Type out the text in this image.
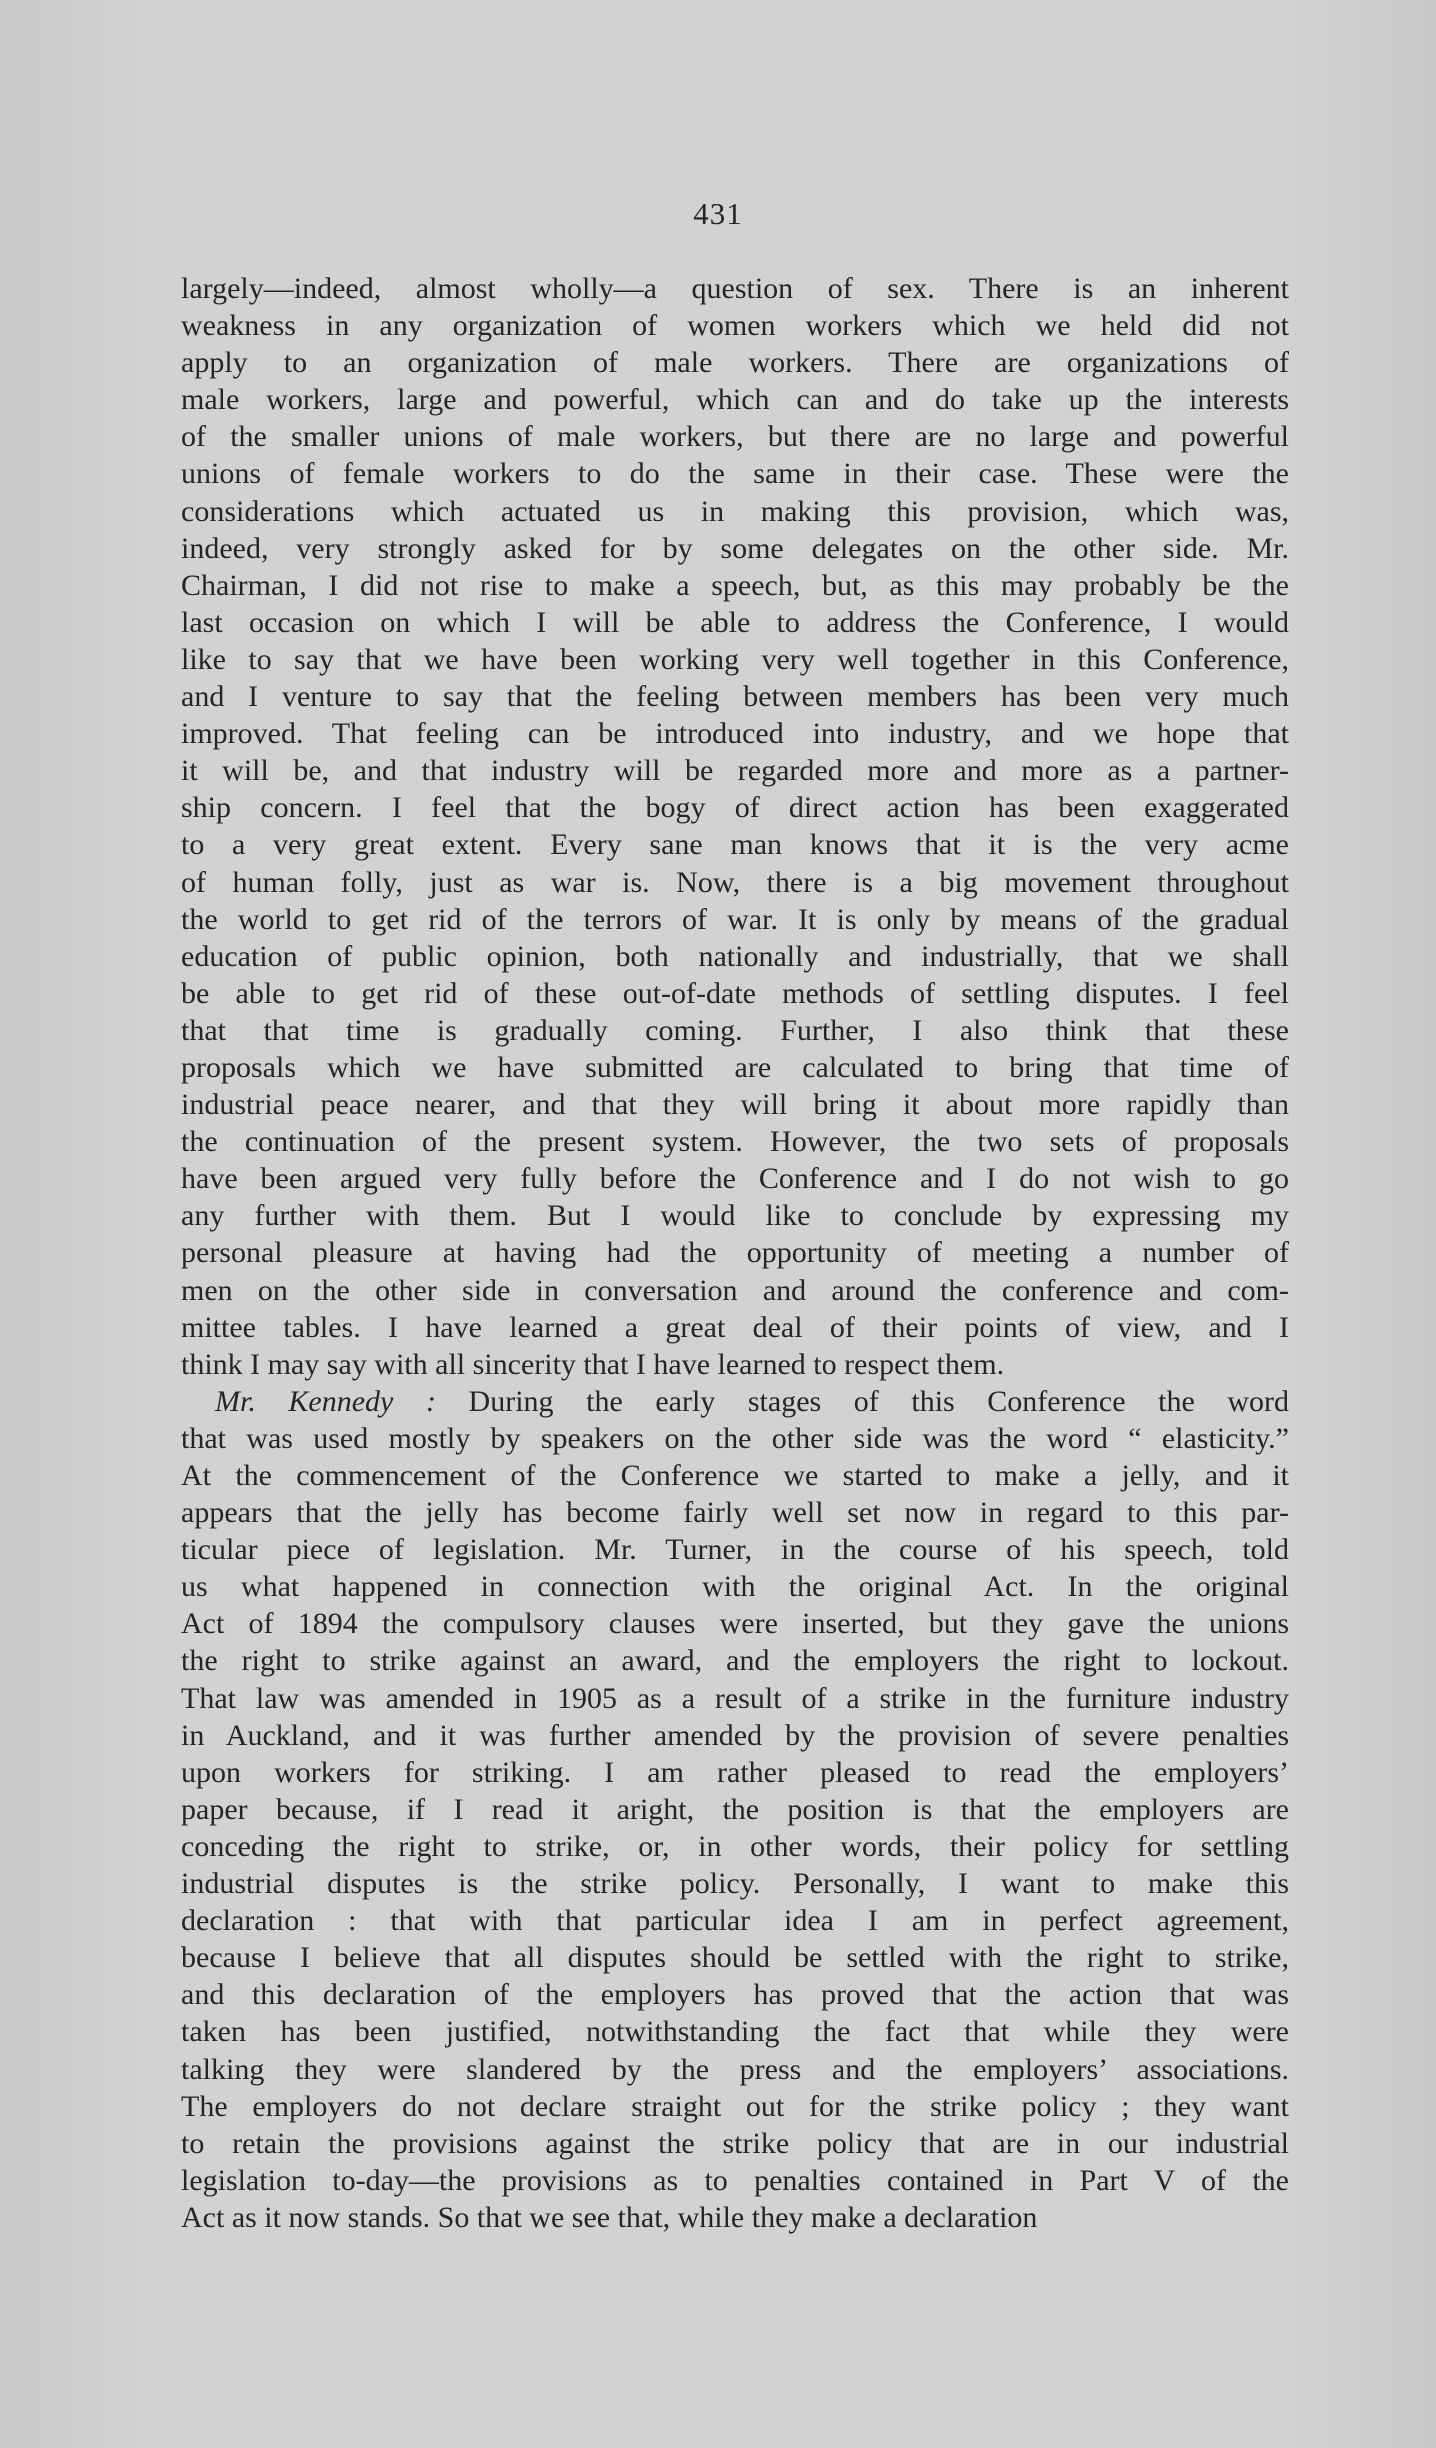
431
largely—indeed, almost wholly—a question of sex. There is an inherent
weakness in any organization of women workers which we held did not
apply to an organization of male workers. There are organizations of
male workers, large and powerful, which can and do take up the interests
of the smaller unions of male workers, but there are no large and powerful
unions of female workers to do the same in their case. These were the
considerations which actuated us in making this provision, which was,
indeed, very strongly asked for by some delegates on the other side. Mr.
Chairman, I did not rise to make a speech, but, as this may probably be the
last occasion on which I will be able to address the Conference, I would
like to say that we have been working very well together in this Conference,
and I venture to say that the feeling between members has been very much
improved. That feeling can be introduced into industry, and we hope that
it will be, and that industry will be regarded more and more as a partner-
ship concern. I feel that the bogy of direct action has been exaggerated
to a very great extent. Every sane man knows that it is the very acme
of human folly, just as war is. Now, there is a big movement throughout
the world to get rid of the terrors of war. It is only by means of the gradual
education of public opinion, both nationally and industrially, that we shall
be able to get rid of these out-of-date methods of settling disputes. I feel
that that time is gradually coming. Further, I also think that these
proposals which we have submitted are calculated to bring that time of
industrial peace nearer, and that they will bring it about more rapidly than
the continuation of the present system. However, the two sets of proposals
have been argued very fully before the Conference and I do not wish to go
any further with them. But I would like to conclude by expressing my
personal pleasure at having had the opportunity of meeting a number of
men on the other side in conversation and around the conference and com-
mittee tables. I have learned a great deal of their points of view, and I
think I may say with all sincerity that I have learned to respect them.
Mr. Kennedy : During the early stages of this Conference the word
that was used mostly by speakers on the other side was the word “ elasticity.”
At the commencement of the Conference we started to make a jelly, and it
appears that the jelly has become fairly well set now in regard to this par-
ticular piece of legislation. Mr. Turner, in the course of his speech, told
us what happened in connection with the original Act. In the original
Act of 1894 the compulsory clauses were inserted, but they gave the unions
the right to strike against an award, and the employers the right to lockout.
That law was amended in 1905 as a result of a strike in the furniture industry
in Auckland, and it was further amended by the provision of severe penalties
upon workers for striking. I am rather pleased to read the employers’
paper because, if I read it aright, the position is that the employers are
conceding the right to strike, or, in other words, their policy for settling
industrial disputes is the strike policy. Personally, I want to make this
declaration : that with that particular idea I am in perfect agreement,
because I believe that all disputes should be settled with the right to strike,
and this declaration of the employers has proved that the action that was
taken has been justified, notwithstanding the fact that while they were
talking they were slandered by the press and the employers’ associations.
The employers do not declare straight out for the strike policy ; they want
to retain the provisions against the strike policy that are in our industrial
legislation to-day—the provisions as to penalties contained in Part V of the
Act as it now stands. So that we see that, while they make a declaration
